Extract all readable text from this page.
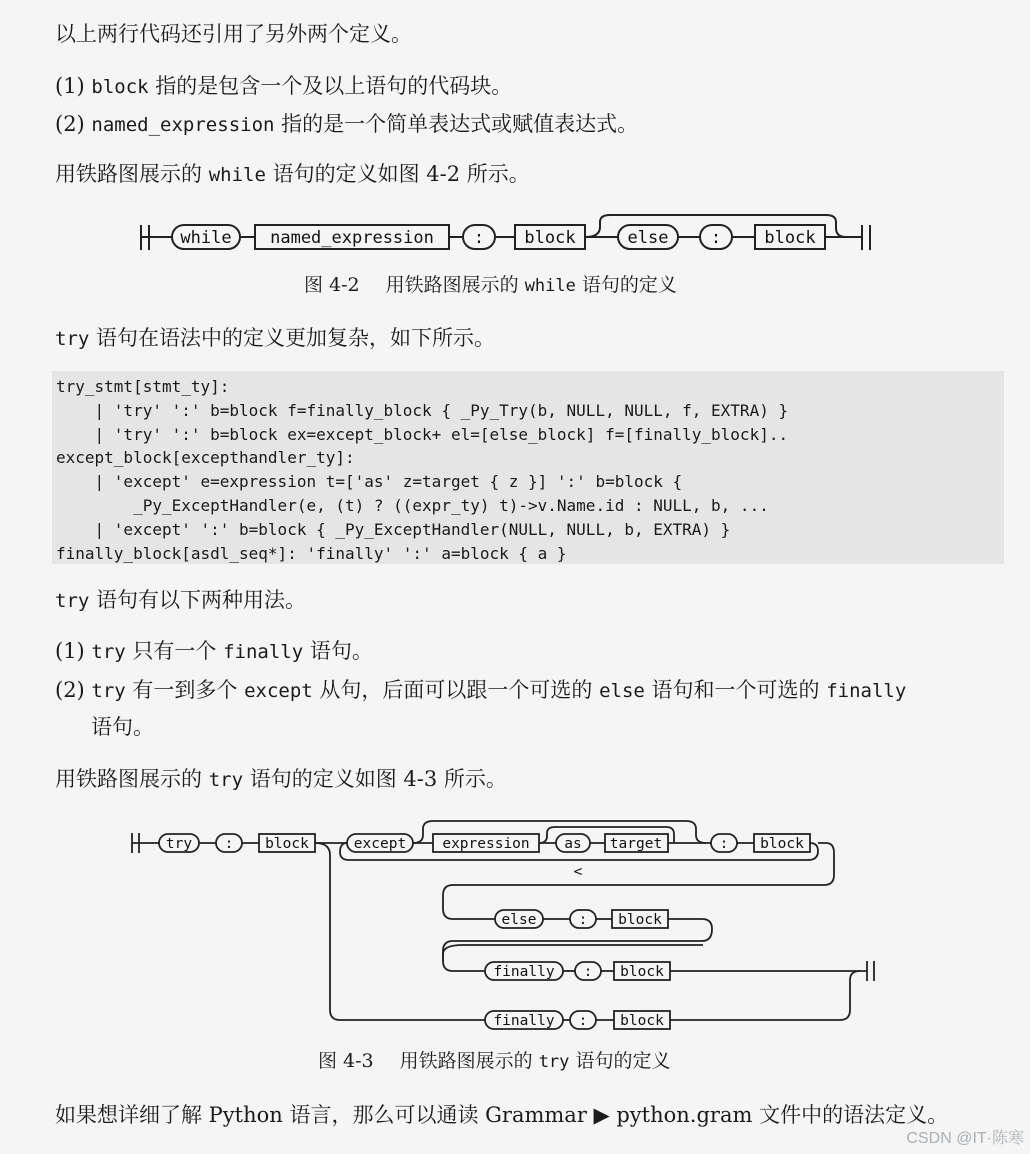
以上两行代码还引用了另外两个定义。
(1) block 指的是包含一个及以上语句的代码块。
(2) named_expression 指的是一个简单表达式或赋值表达式。
用铁路图展示的 while 语句的定义如图 4-2 所示。
while named_expression : block	else :	block
图 4-2 用铁路图展示的 while 语句的定义
try 语句在语法中的定义更加复杂，如下所示。
try_stmt[stmt_ty]:
| 'try' ':' b=block f=finally_block { _Py_Try(b, NULL, NULL, f, EXTRA) }
| 'try' ':' b=block ex=except_block+ el=[else_block] f=[finally_block]..
except_block[excepthandler_ty]:
| 'except' e=expression t=['as' z=target { z }] ':' b=block {
_Py_ExceptHandler(e, (t) ? ((expr_ty) t)->v.Name.id : NULL, b, ...
| 'except' ':' b=block { _Py_ExceptHandler(NULL, NULL, b, EXTRA) }
finally_block[asdl_seq*]: 'finally' ':' a=block { a }
try 语句有以下两种用法。
(1) try 只有一个 finally 语句。
(2) try 有一到多个 except 从句，后面可以跟一个可选的 else 语句和一个可选的 finally
语句。
用铁路图展示的 try 语句的定义如图 4-3 所示。
try : block	except expression as target	: block
<
else	: block
finally : block
finally : block
图 4-3 用铁路图展示的 try 语句的定义
如果想详细了解 Python 语言，那么可以通读 Grammar ▶ python.gram 文件中的语法定义。
CSDN @IT·陈寒
